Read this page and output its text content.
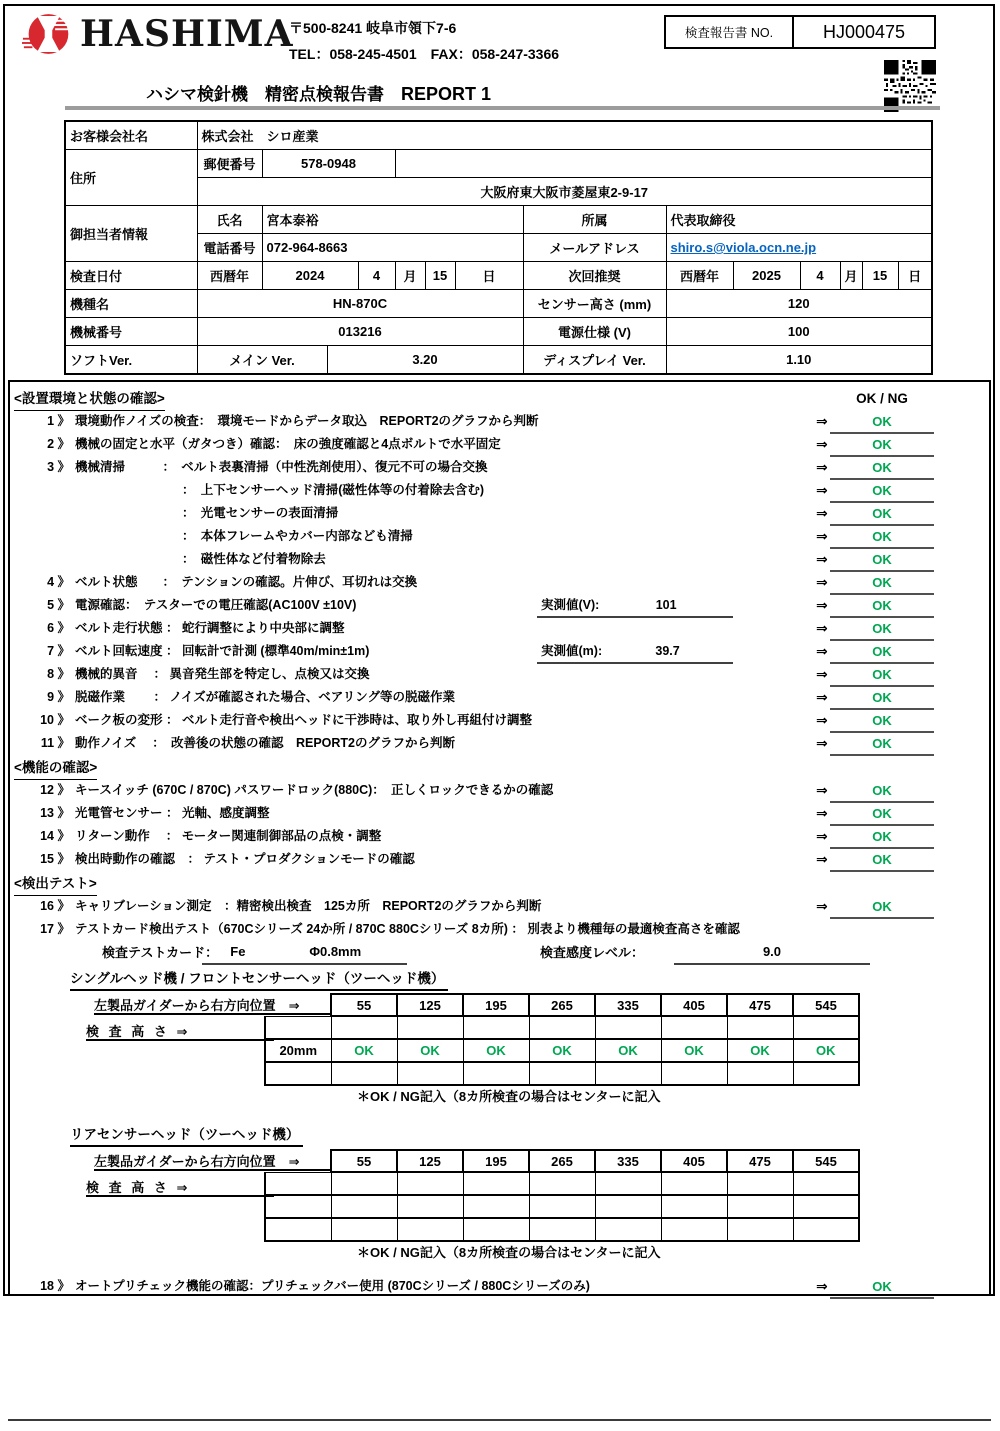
HASHIMA
〒500-8241 岐阜市領下7-6
TEL：058-245-4501　FAX：058-247-3366
検査報告書 NO.	HJ000475
ハシマ検針機　精密点検報告書　 REPORT 1
お客様会社名	株式会社　シロ産業													
住所	郵便番号	578-0948												
	大阪府東大阪市菱屋東2-9-17													
御担当者情報	氏名	宮本泰裕						所属	代表取締役					
	電話番号	072-964-8663						メールアドレス	shiro.s@viola.ocn.ne.jp					
検査日付	西暦年	2024		4	月	15	日	次回推奨	西暦年	2025	4	月	15	日
機種名	HN-870C							センサー高さ (mm)	120					
機械番号	013216							電源仕様 (V)	100					
ソフトVer.	メイン Ver.		3.20					ディスプレイ Ver.	1.10					
<設置環境と状態の確認>	OK / NG
1 》 環境動作ノイズの検査：　環境モードからデータ取込　REPORT2のグラフから判断	⇒	OK
2 》 機械の固定と水平（ガタつき）確認：　床の強度確認と4点ボルトで水平固定	⇒	OK
3 》 機械清掃　　　：　ベルト表裏清掃（中性洗剤使用）、復元不可の場合交換	⇒	OK
：　上下センサーヘッド清掃(磁性体等の付着除去含む)	⇒	OK
：　光電センサーの表面清掃	⇒	OK
：　本体フレームやカバー内部なども清掃	⇒	OK
：　磁性体など付着物除去	⇒	OK
4 》 ベルト状態　　：　テンションの確認。片伸び、耳切れは交換	⇒	OK
5 》 電源確認：　テスターでの電圧確認(AC100V ±10V)	実測値(V):	101	⇒	OK
6 》 ベルト走行状態 ： 蛇行調整により中央部に調整	⇒	OK
7 》 ベルト回転速度 ： 回転計で計測 (標準40m/min±1m)	実測値(m):	39.7	⇒	OK
8 》 機械的異音　 ： 異音発生部を特定し、点検又は交換	⇒	OK
9 》 脱磁作業　　 ： ノイズが確認された場合、ベアリング等の脱磁作業	⇒	OK
10 》 ベーク板の変形 ： ベルト走行音や検出ヘッドに干渉時は、取り外し再組付け調整	⇒	OK
11 》 動作ノイズ　 ：　改善後の状態の確認　REPORT2のグラフから判断	⇒	OK
<機能の確認>
12 》 キースイッチ (670C / 870C) パスワードロック(880C)：　正しくロックできるかの確認	⇒	OK
13 》 光電管センサー ： 光軸、感度調整	⇒	OK
14 》 リターン動作　 ： モーター関連制御部品の点検・調整	⇒	OK
15 》 検出時動作の確認　： テスト・プロダクションモードの確認	⇒	OK
<検出テスト>
16 》 キャリブレーション測定　：精密検出検査　125カ所　REPORT2のグラフから判断	⇒	OK
17 》 テストカード検出テスト（670Cシリーズ 24か所 / 870C 880Cシリーズ 8カ所) ： 別表より機種毎の最適検査高さを確認
検査テストカード： Fe	Φ0.8mm	検査感度レベル：	9.0
シングルヘッド機 / フロントセンサーヘッド（ツーヘッド機）
左製品ガイダーから右方向位置　⇒
検 査 高 さ ⇒
	55	125	195	265	335	405	475	545

20mm	OK	OK	OK	OK	OK	OK	OK	OK

＊OK / NG記入（8カ所検査の場合はセンターに記入
リアセンサーヘッド（ツーヘッド機）
左製品ガイダーから右方向位置　⇒
検 査 高 さ ⇒
	55	125	195	265	335	405	475	545

＊OK / NG記入（8カ所検査の場合はセンターに記入
18 》 オートプリチェック機能の確認：プリチェックバー使用 (870Cシリーズ / 880Cシリーズのみ)	⇒	OK
